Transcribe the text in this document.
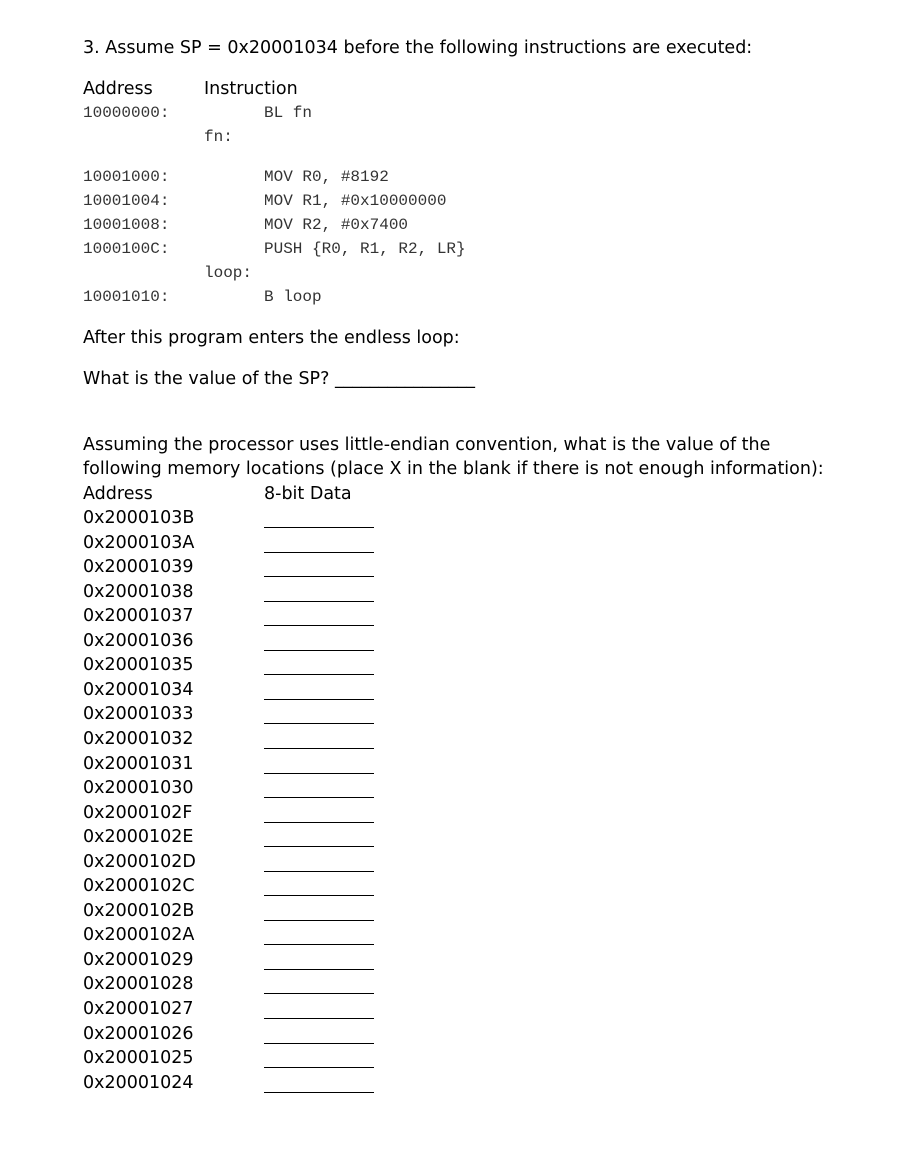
3. Assume SP = 0x20001034 before the following instructions are executed:
Address	Instruction
10000000:	BL fn
fn:
10001000:	MOV R0, #8192
10001004:	MOV R1, #0x10000000
10001008:	MOV R2, #0x7400
1000100C:	PUSH {R0, R1, R2, LR}
loop:
10001010:	B loop
After this program enters the endless loop:
What is the value of the SP? ________________
Assuming the processor uses little-endian convention, what is the value of the
following memory locations (place X in the blank if there is not enough information):
Address	8-bit Data
0x2000103B
0x2000103A
0x20001039
0x20001038
0x20001037
0x20001036
0x20001035
0x20001034
0x20001033
0x20001032
0x20001031
0x20001030
0x2000102F
0x2000102E
0x2000102D
0x2000102C
0x2000102B
0x2000102A
0x20001029
0x20001028
0x20001027
0x20001026
0x20001025
0x20001024
